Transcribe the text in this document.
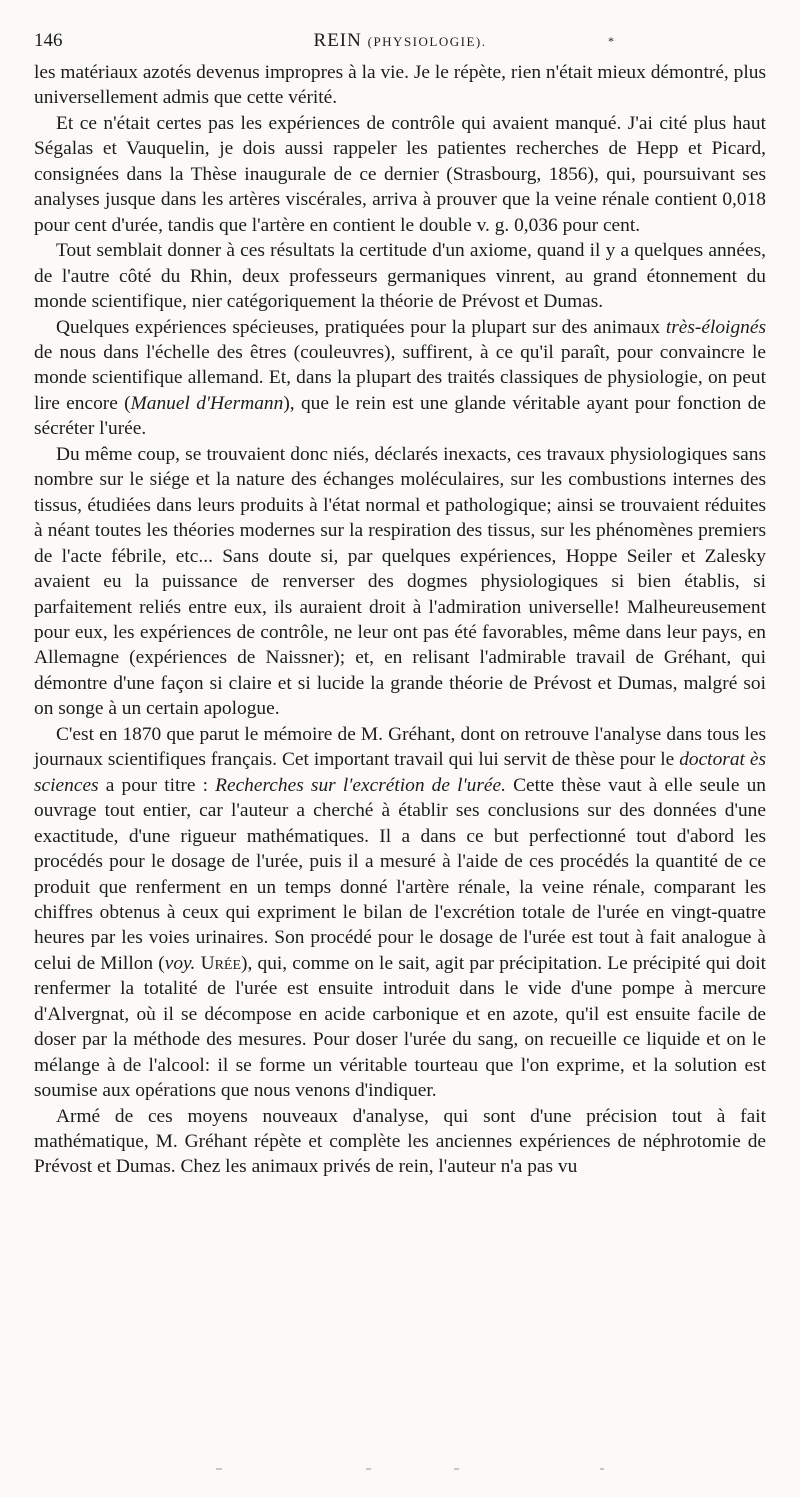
146	REIN (PHYSIOLOGIE).	*

les matériaux azotés devenus impropres à la vie. Je le répète, rien n'était mieux démontré, plus universellement admis que cette vérité.

Et ce n'était certes pas les expériences de contrôle qui avaient manqué. J'ai cité plus haut Ségalas et Vauquelin, je dois aussi rappeler les patientes recherches de Hepp et Picard, consignées dans la Thèse inaugurale de ce dernier (Strasbourg, 1856), qui, poursuivant ses analyses jusque dans les artères viscérales, arriva à prouver que la veine rénale contient 0,018 pour cent d'urée, tandis que l'artère en contient le double v. g. 0,036 pour cent.

Tout semblait donner à ces résultats la certitude d'un axiome, quand il y a quelques années, de l'autre côté du Rhin, deux professeurs germaniques vinrent, au grand étonnement du monde scientifique, nier catégoriquement la théorie de Prévost et Dumas.

Quelques expériences spécieuses, pratiquées pour la plupart sur des animaux très-éloignés de nous dans l'échelle des êtres (couleuvres), suffirent, à ce qu'il paraît, pour convaincre le monde scientifique allemand. Et, dans la plupart des traités classiques de physiologie, on peut lire encore (Manuel d'Hermann), que le rein est une glande véritable ayant pour fonction de sécréter l'urée.

Du même coup, se trouvaient donc niés, déclarés inexacts, ces travaux physiologiques sans nombre sur le siége et la nature des échanges moléculaires, sur les combustions internes des tissus, étudiées dans leurs produits à l'état normal et pathologique; ainsi se trouvaient réduites à néant toutes les théories modernes sur la respiration des tissus, sur les phénomènes premiers de l'acte fébrile, etc... Sans doute si, par quelques expériences, Hoppe Seiler et Zalesky avaient eu la puissance de renverser des dogmes physiologiques si bien établis, si parfaitement reliés entre eux, ils auraient droit à l'admiration universelle! Malheureusement pour eux, les expériences de contrôle, ne leur ont pas été favorables, même dans leur pays, en Allemagne (expériences de Naissner); et, en relisant l'admirable travail de Gréhant, qui démontre d'une façon si claire et si lucide la grande théorie de Prévost et Dumas, malgré soi on songe à un certain apologue.

C'est en 1870 que parut le mémoire de M. Gréhant, dont on retrouve l'analyse dans tous les journaux scientifiques français. Cet important travail qui lui servit de thèse pour le doctorat ès sciences a pour titre : Recherches sur l'excrétion de l'urée. Cette thèse vaut à elle seule un ouvrage tout entier, car l'auteur a cherché à établir ses conclusions sur des données d'une exactitude, d'une rigueur mathématiques. Il a dans ce but perfectionné tout d'abord les procédés pour le dosage de l'urée, puis il a mesuré à l'aide de ces procédés la quantité de ce produit que renferment en un temps donné l'artère rénale, la veine rénale, comparant les chiffres obtenus à ceux qui expriment le bilan de l'excrétion totale de l'urée en vingt-quatre heures par les voies urinaires. Son procédé pour le dosage de l'urée est tout à fait analogue à celui de Millon (voy. Urée), qui, comme on le sait, agit par précipitation. Le précipité qui doit renfermer la totalité de l'urée est ensuite introduit dans le vide d'une pompe à mercure d'Alvergnat, où il se décompose en acide carbonique et en azote, qu'il est ensuite facile de doser par la méthode des mesures. Pour doser l'urée du sang, on recueille ce liquide et on le mélange à de l'alcool: il se forme un véritable tourteau que l'on exprime, et la solution est soumise aux opérations que nous venons d'indiquer.

Armé de ces moyens nouveaux d'analyse, qui sont d'une précision tout à fait mathématique, M. Gréhant répète et complète les anciennes expériences de néphrotomie de Prévost et Dumas. Chez les animaux privés de rein, l'auteur n'a pas vu
